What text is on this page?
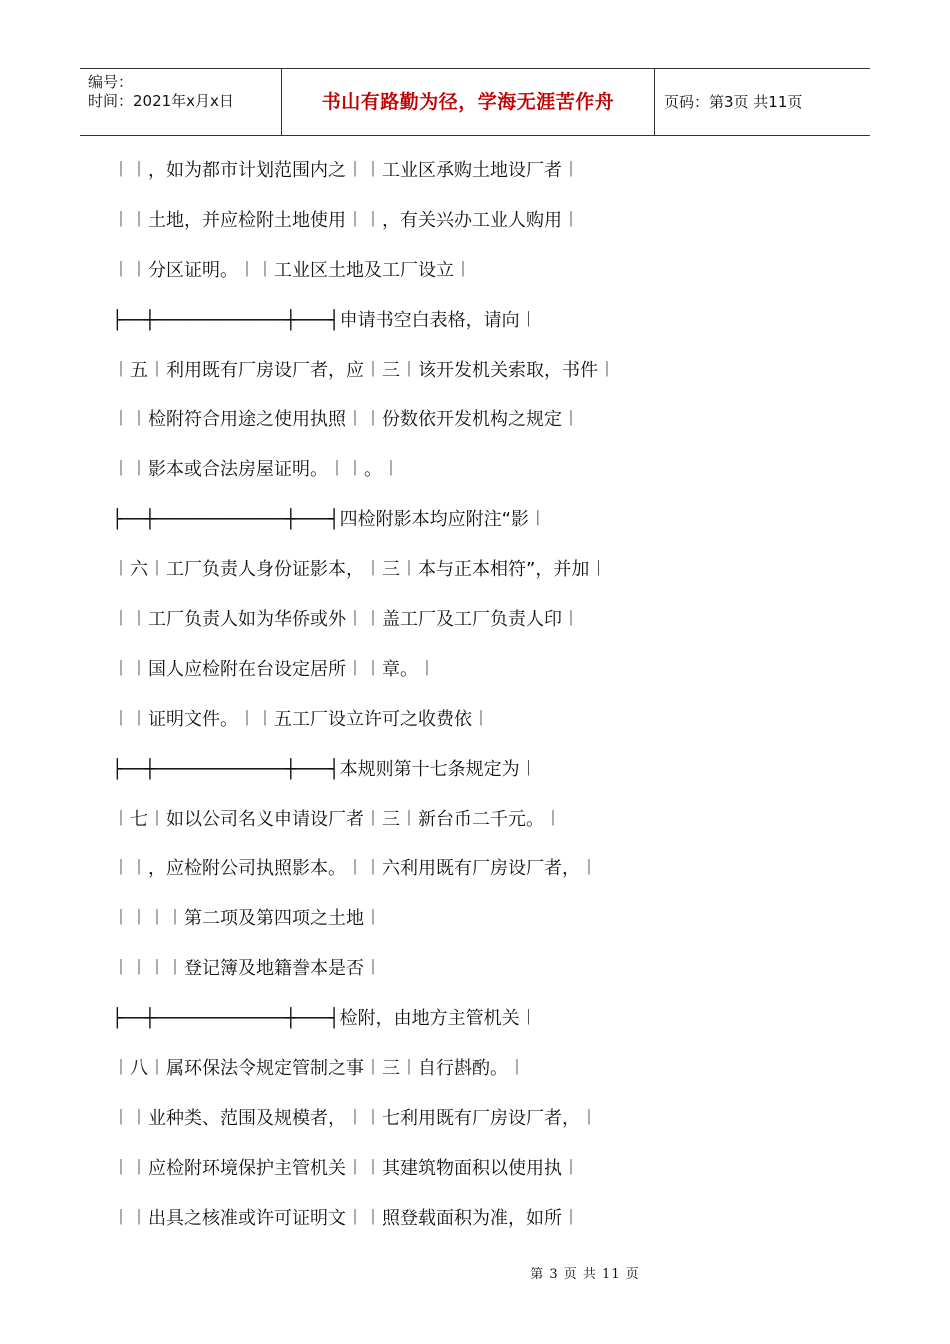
编号：
时间：2021年x月x日	书山有路勤为径，学海无涯苦作舟	页码：第3页 共11页
︱︱，如为都市计划范围内之︱︱工业区承购土地设厂者︱
︱︱土地，并应检附土地使用︱︱，有关兴办工业人购用︱
︱︱分区证明。︱︱工业区土地及工厂设立︱
├──┼────────────┼───┤申请书空白表格，请向︱
︱五︱利用既有厂房设厂者，应︱三︱该开发机关索取，书件︱
︱︱检附符合用途之使用执照︱︱份数依开发机构之规定︱
︱︱影本或合法房屋证明。︱︱。︱
├──┼────────────┼───┤四检附影本均应附注“影︱
︱六︱工厂负责人身份证影本，︱三︱本与正本相符”，并加︱
︱︱工厂负责人如为华侨或外︱︱盖工厂及工厂负责人印︱
︱︱国人应检附在台设定居所︱︱章。︱
︱︱证明文件。︱︱五工厂设立许可之收费依︱
├──┼────────────┼───┤本规则第十七条规定为︱
︱七︱如以公司名义申请设厂者︱三︱新台币二千元。︱
︱︱，应检附公司执照影本。︱︱六利用既有厂房设厂者，︱
︱︱︱︱第二项及第四项之土地︱
︱︱︱︱登记簿及地籍誊本是否︱
├──┼────────────┼───┤检附，由地方主管机关︱
︱八︱属环保法令规定管制之事︱三︱自行斟酌。︱
︱︱业种类、范围及规模者，︱︱七利用既有厂房设厂者，︱
︱︱应检附环境保护主管机关︱︱其建筑物面积以使用执︱
︱︱出具之核准或许可证明文︱︱照登载面积为准，如所︱
第 3 页 共 11 页
